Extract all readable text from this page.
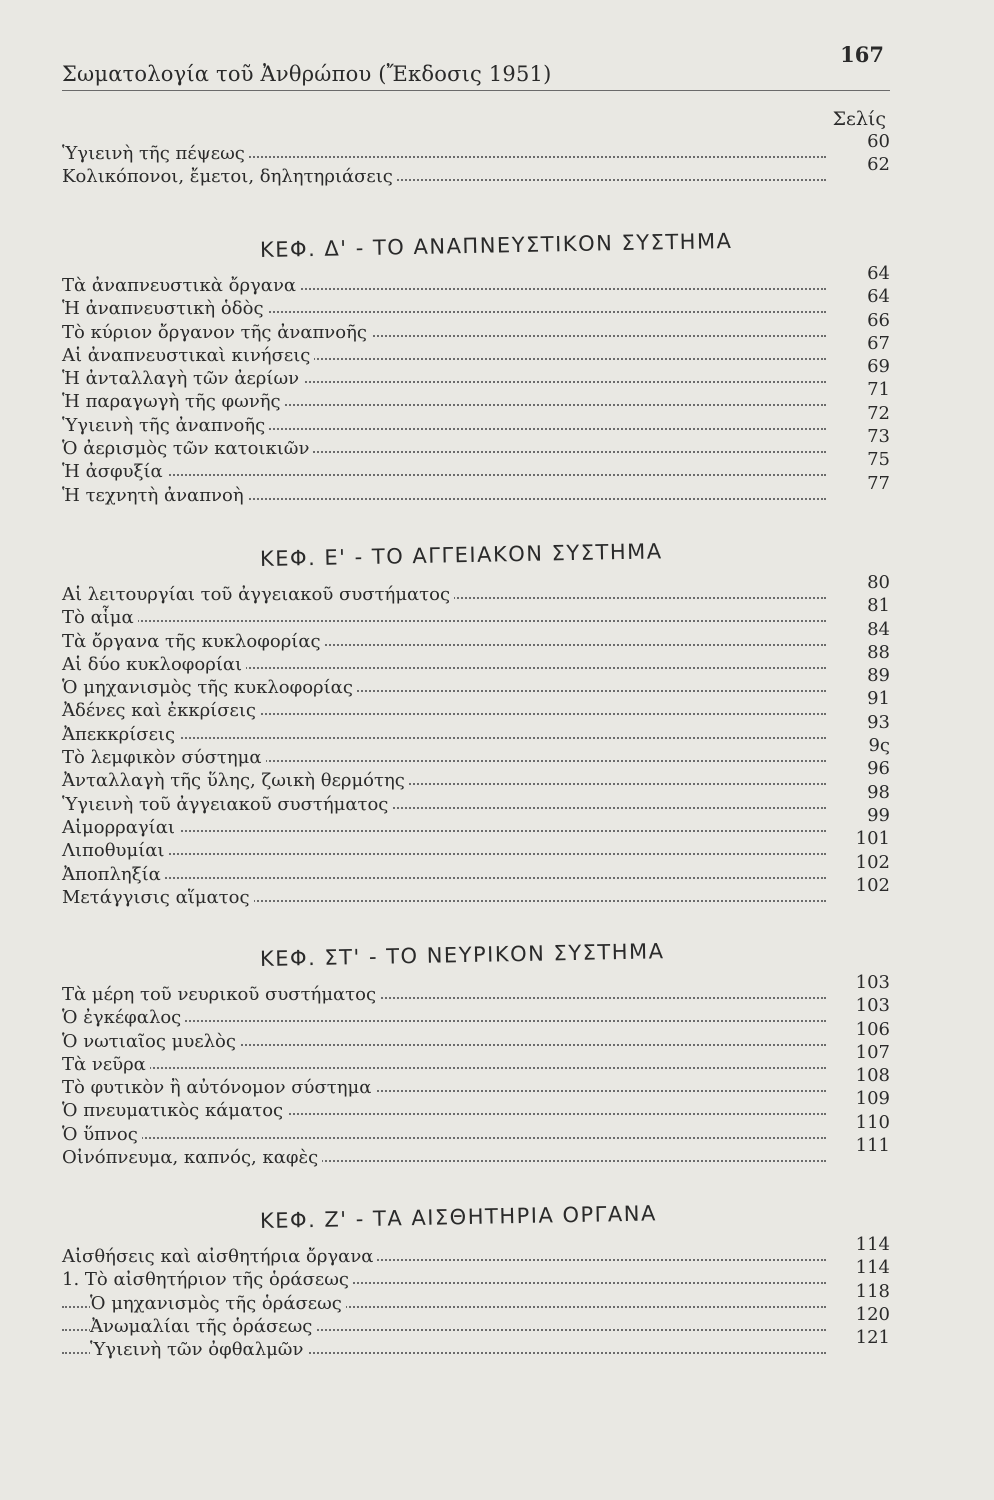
Σωματολογία τοῦ Ἀνθρώπου (Ἔκδοσις 1951)
167
Σελίς
Ὑγιεινὴ τῆς πέψεως
60
Κολικόπονοι, ἔμετοι, δηλητηριάσεις
62
ΚΕΦ. Δ' - ΤΟ ΑΝΑΠΝΕΥΣΤΙΚΟΝ ΣΥΣΤΗΜΑ
Τὰ ἀναπνευστικὰ ὄργανα
64
Ἡ ἀναπνευστικὴ ὁδὸς
64
Τὸ κύριον ὄργανον τῆς ἀναπνοῆς
66
Αἱ ἀναπνευστικαὶ κινήσεις
67
Ἡ ἀνταλλαγὴ τῶν ἀερίων
69
Ἡ παραγωγὴ τῆς φωνῆς
71
Ὑγιεινὴ τῆς ἀναπνοῆς
72
Ὁ ἀερισμὸς τῶν κατοικιῶν
73
Ἡ ἀσφυξία
75
Ἡ τεχνητὴ ἀναπνοὴ
77
ΚΕΦ. Ε' - ΤΟ ΑΓΓΕΙΑΚΟΝ ΣΥΣΤΗΜΑ
Αἱ λειτουργίαι τοῦ ἀγγειακοῦ συστήματος
80
Τὸ αἷμα
81
Τὰ ὄργανα τῆς κυκλοφορίας
84
Αἱ δύο κυκλοφορίαι
88
Ὁ μηχανισμὸς τῆς κυκλοφορίας
89
Ἀδένες καὶ ἐκκρίσεις
91
Ἀπεκκρίσεις
93
Τὸ λεμφικὸν σύστημα
9ς
Ἀνταλλαγὴ τῆς ὕλης, ζωικὴ θερμότης
96
Ὑγιεινὴ τοῦ ἀγγειακοῦ συστήματος
98
Αἱμορραγίαι
99
Λιποθυμίαι
101
Ἀποπληξία
102
Μετάγγισις αἵματος
102
ΚΕΦ. ΣΤ' - ΤΟ ΝΕΥΡΙΚΟΝ ΣΥΣΤΗΜΑ
Τὰ μέρη τοῦ νευρικοῦ συστήματος
103
Ὁ ἐγκέφαλος
103
Ὁ νωτιαῖος μυελὸς
106
Τὰ νεῦρα
107
Τὸ φυτικὸν ἢ αὐτόνομον σύστημα
108
Ὁ πνευματικὸς κάματος
109
Ὁ ὕπνος
110
Οἰνόπνευμα, καπνός, καφὲς
111
ΚΕΦ. Ζ' - ΤΑ ΑΙΣΘΗΤΗΡΙΑ ΟΡΓΑΝΑ
Αἰσθήσεις καὶ αἰσθητήρια ὄργανα
114
1. Τὸ αἰσθητήριον τῆς ὁράσεως
114
Ὁ μηχανισμὸς τῆς ὁράσεως
118
Ἀνωμαλίαι τῆς ὁράσεως
120
Ὑγιεινὴ τῶν ὀφθαλμῶν
121
